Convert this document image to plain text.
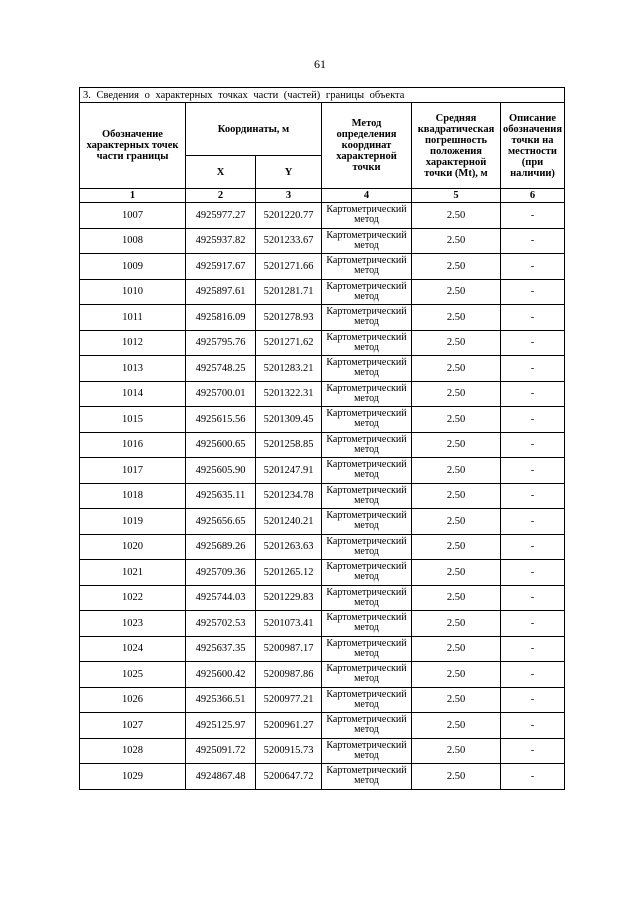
61
3. Сведения о характерных точках части (частей) границы объекта					
Обозначение характерных точек части границы	Координаты, м		Метод определения координат характерной точки	Средняя квадратическая погрешность положения характерной точки (Mt), м	Описание обозначения точки на местности (при наличии)
	X	Y			
1	2	3	4	5	6
1007	4925977.27	5201220.77	Картометрический метод	2.50	-
1008	4925937.82	5201233.67	Картометрический метод	2.50	-
1009	4925917.67	5201271.66	Картометрический метод	2.50	-
1010	4925897.61	5201281.71	Картометрический метод	2.50	-
1011	4925816.09	5201278.93	Картометрический метод	2.50	-
1012	4925795.76	5201271.62	Картометрический метод	2.50	-
1013	4925748.25	5201283.21	Картометрический метод	2.50	-
1014	4925700.01	5201322.31	Картометрический метод	2.50	-
1015	4925615.56	5201309.45	Картометрический метод	2.50	-
1016	4925600.65	5201258.85	Картометрический метод	2.50	-
1017	4925605.90	5201247.91	Картометрический метод	2.50	-
1018	4925635.11	5201234.78	Картометрический метод	2.50	-
1019	4925656.65	5201240.21	Картометрический метод	2.50	-
1020	4925689.26	5201263.63	Картометрический метод	2.50	-
1021	4925709.36	5201265.12	Картометрический метод	2.50	-
1022	4925744.03	5201229.83	Картометрический метод	2.50	-
1023	4925702.53	5201073.41	Картометрический метод	2.50	-
1024	4925637.35	5200987.17	Картометрический метод	2.50	-
1025	4925600.42	5200987.86	Картометрический метод	2.50	-
1026	4925366.51	5200977.21	Картометрический метод	2.50	-
1027	4925125.97	5200961.27	Картометрический метод	2.50	-
1028	4925091.72	5200915.73	Картометрический метод	2.50	-
1029	4924867.48	5200647.72	Картометрический метод	2.50	-
